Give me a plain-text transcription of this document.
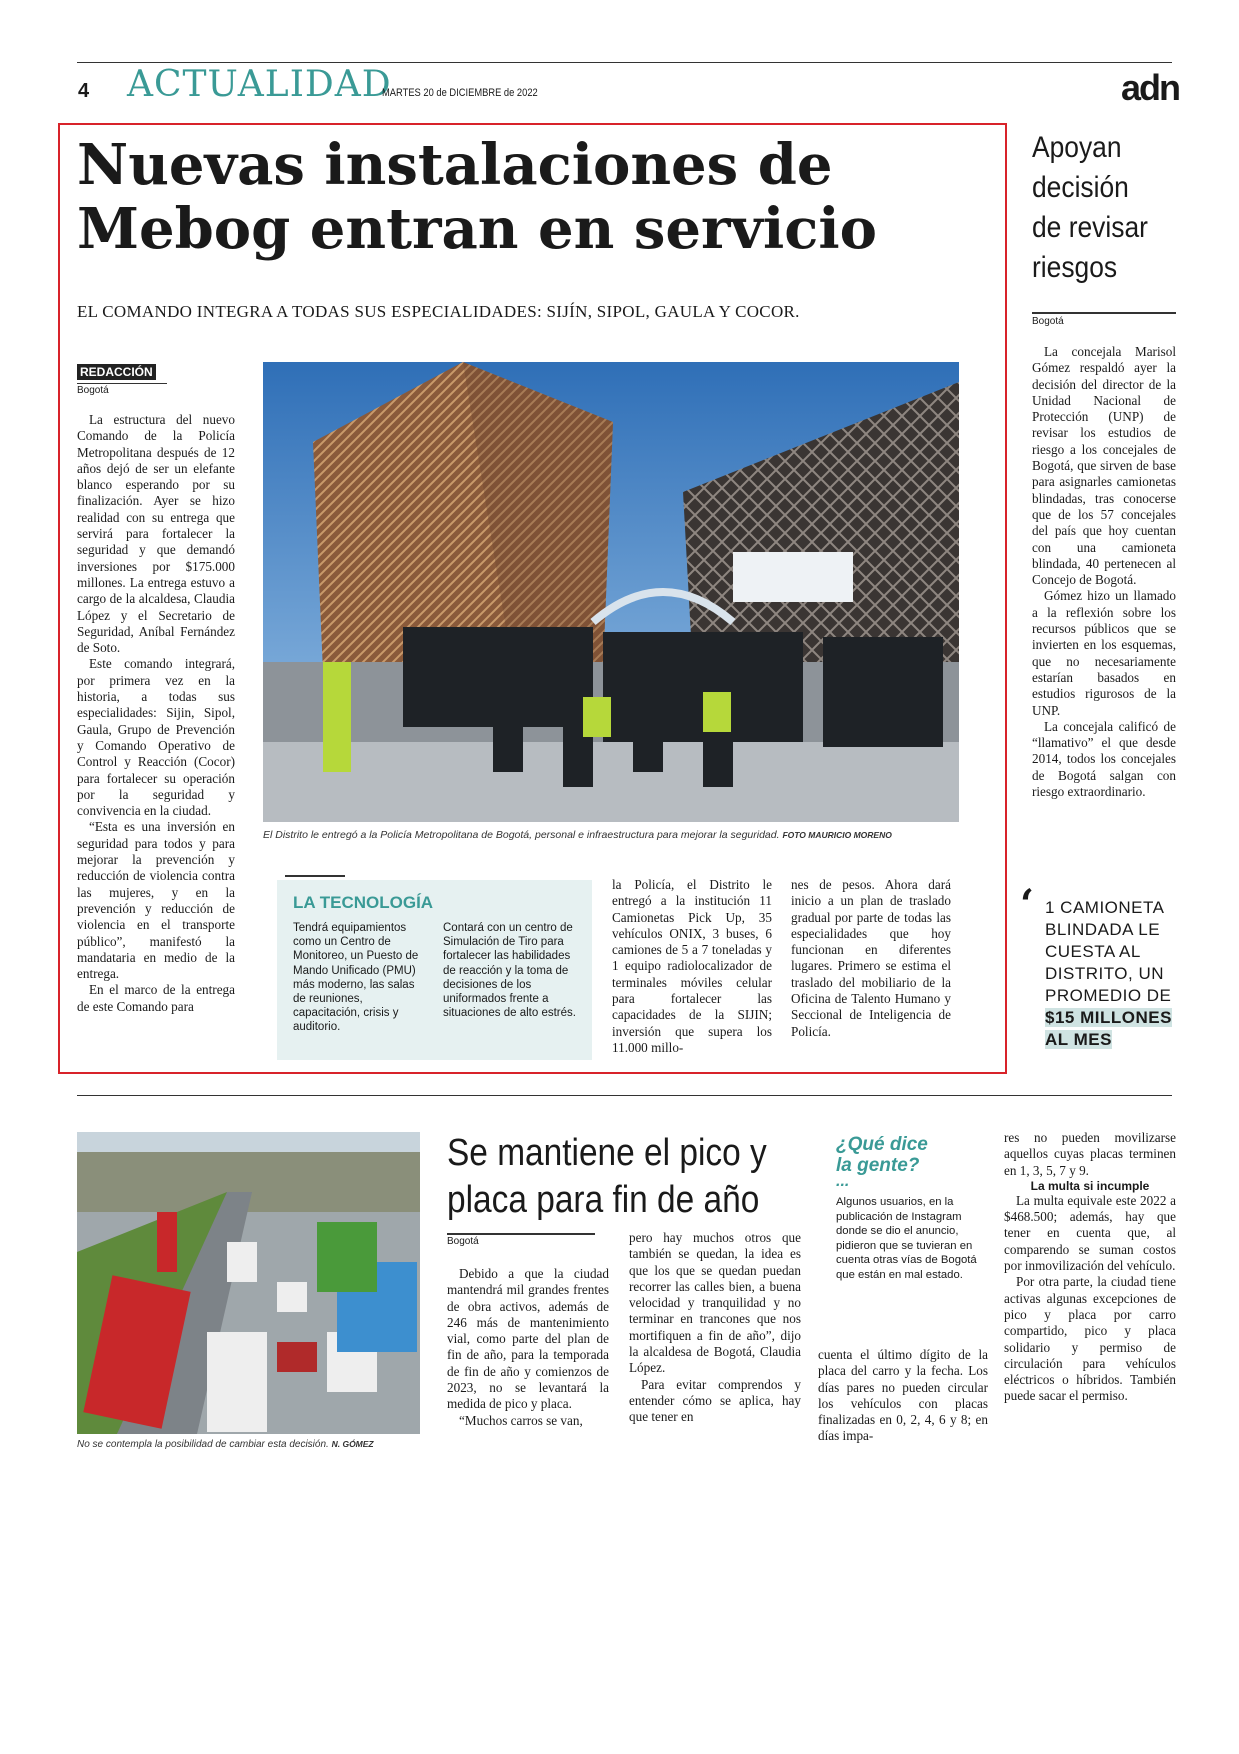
4 ACTUALIDAD
MARTES 20 de DICIEMBRE de 2022	adn
Nuevas instalaciones de
Mebog entran en servicio
EL COMANDO INTEGRA A TODAS SUS ESPECIALIDADES: SIJÍN, SIPOL, GAULA Y COCOR.
REDACCIÓN
Bogotá

La estructura del nuevo Comando de la Policía Metropolitana después de 12 años dejó de ser un elefante blanco esperando por su finalización. Ayer se hizo realidad con su entrega que servirá para fortalecer la seguridad y que demandó inversiones por $175.000 millones. La entrega estuvo a cargo de la alcaldesa, Claudia López y el Secretario de Seguridad, Aníbal Fernández de Soto.

Este comando integrará, por primera vez en la historia, a todas sus especialidades: Sijin, Sipol, Gaula, Grupo de Prevención y Comando Operativo de Control y Reacción (Cocor) para fortalecer su operación por la seguridad y convivencia en la ciudad.

“Esta es una inversión en seguridad para todos y para mejorar la prevención y reducción de violencia contra las mujeres, y en la prevención y reducción de violencia en el transporte público”, manifestó la mandataria en medio de la entrega.

En el marco de la entrega de este Comando para

El Distrito le entregó a la Policía Metropolitana de Bogotá, personal e infraestructura para mejorar la seguridad. FOTO MAURICIO MORENO
LA TECNOLOGÍA
Tendrá equipamientos como un Centro de Monitoreo, un Puesto de Mando Unificado (PMU) más moderno, las salas de reuniones, capacitación, crisis y auditorio.
Contará con un centro de Simulación de Tiro para fortalecer las habilidades de reacción y la toma de decisiones de los uniformados frente a situaciones de alto estrés.
la Policía, el Distrito le entregó a la institución 11 Camionetas Pick Up, 35 vehículos ONIX, 3 buses, 6 camiones de 5 a 7 toneladas y 1 equipo radiolocalizador de terminales móviles celular para fortalecer las capacidades de la SIJIN; inversión que supera los 11.000 millo-
nes de pesos. Ahora dará inicio a un plan de traslado gradual por parte de todas las especialidades que hoy funcionan en diferentes lugares. Primero se estima el traslado del mobiliario de la Oficina de Talento Humano y Seccional de Inteligencia de Policía.
Apoyan
decisión
de revisar
riesgos
Bogotá

La concejala Marisol Gómez respaldó ayer la decisión del director de la Unidad Nacional de Protección (UNP) de revisar los estudios de riesgo a los concejales de Bogotá, que sirven de base para asignarles camionetas blindadas, tras conocerse que de los 57 concejales del país que hoy cuentan con una camioneta blindada, 40 pertenecen al Concejo de Bogotá.

Gómez hizo un llamado a la reflexión sobre los recursos públicos que se invierten en los esquemas, que no necesariamente estarían basados en estudios rigurosos de la UNP.

La concejala calificó de “llamativo” el que desde 2014, todos los concejales de Bogotá salgan con riesgo extraordinario.

‘ 1 CAMIONETA
BLINDADA LE
CUESTA AL
DISTRITO, UN
PROMEDIO DE
$15 MILLONES
AL MES
No se contempla la posibilidad de cambiar esta decisión. N. GÓMEZ
Se mantiene el pico y
placa para fin de año
Bogotá

Debido a que la ciudad mantendrá mil grandes frentes de obra activos, además de 246 más de mantenimiento vial, como parte del plan de fin de año, para la temporada de fin de año y comienzos de 2023, no se levantará la medida de pico y placa.

“Muchos carros se van,

pero hay muchos otros que también se quedan, la idea es que los que se quedan puedan recorrer las calles bien, a buena velocidad y tranquilidad y no terminar en trancones que nos mortifiquen a fin de año”, dijo la alcaldesa de Bogotá, Claudia López.

Para evitar comprendos y entender cómo se aplica, hay que tener en

¿Qué dice
la gente?
...
Algunos usuarios, en la publicación de Instagram donde se dio el anuncio, pidieron que se tuvieran en cuenta otras vías de Bogotá que están en mal estado.
cuenta el último dígito de la placa del carro y la fecha. Los días pares no pueden circular los vehículos con placas finalizadas en 0, 2, 4, 6 y 8; en días impa-

res no pueden movilizarse aquellos cuyas placas terminen en 1, 3, 5, 7 y 9.

La multa si incumple

La multa equivale este 2022 a $468.500; además, hay que tener en cuenta que, al comparendo se suman costos por inmovilización del vehículo.

Por otra parte, la ciudad tiene activas algunas excepciones de pico y placa por carro compartido, pico y placa solidario y permiso de circulación para vehículos eléctricos o híbridos. También puede sacar el permiso.
